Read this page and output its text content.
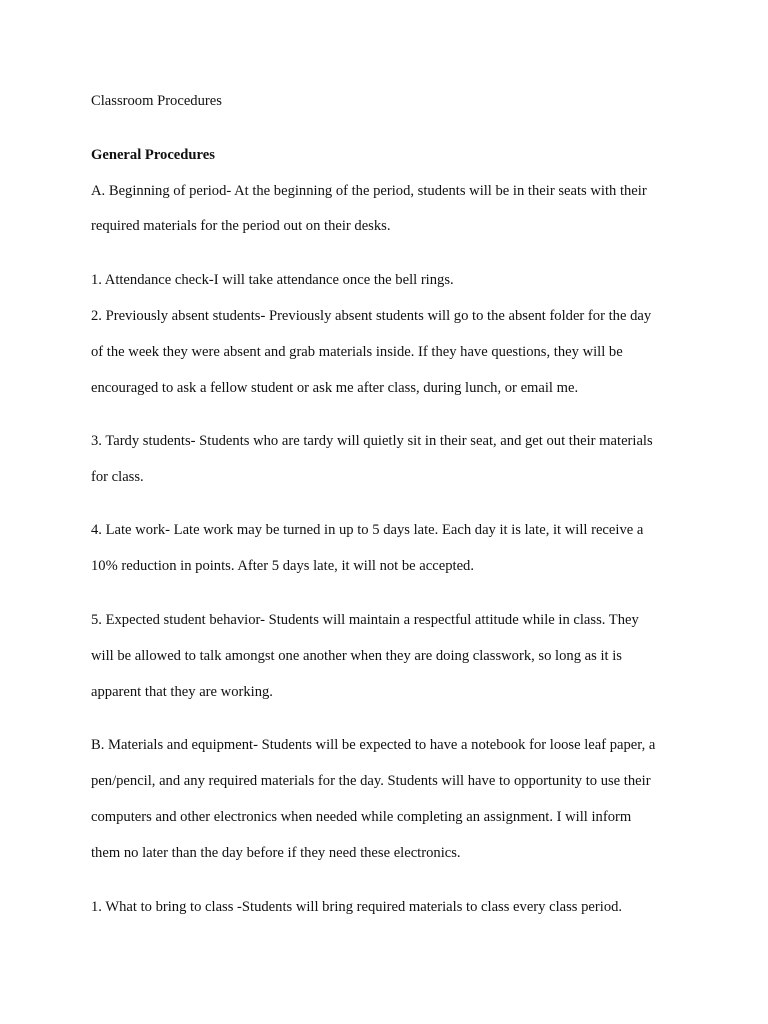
Classroom Procedures

General Procedures

A. Beginning of period- At the beginning of the period, students will be in their seats with their

required materials for the period out on their desks.

1. Attendance check-I will take attendance once the bell rings.

2. Previously absent students- Previously absent students will go to the absent folder for the day

of the week they were absent and grab materials inside. If they have questions, they will be

encouraged to ask a fellow student or ask me after class, during lunch, or email me.

3. Tardy students- Students who are tardy will quietly sit in their seat, and get out their materials

for class.

4. Late work- Late work may be turned in up to 5 days late. Each day it is late, it will receive a

10% reduction in points. After 5 days late, it will not be accepted.

5. Expected student behavior- Students will maintain a respectful attitude while in class. They

will be allowed to talk amongst one another when they are doing classwork, so long as it is

apparent that they are working.

B. Materials and equipment- Students will be expected to have a notebook for loose leaf paper, a

pen/pencil, and any required materials for the day. Students will have to opportunity to use their

computers and other electronics when needed while completing an assignment. I will inform

them no later than the day before if they need these electronics.

1. What to bring to class -Students will bring required materials to class every class period.
